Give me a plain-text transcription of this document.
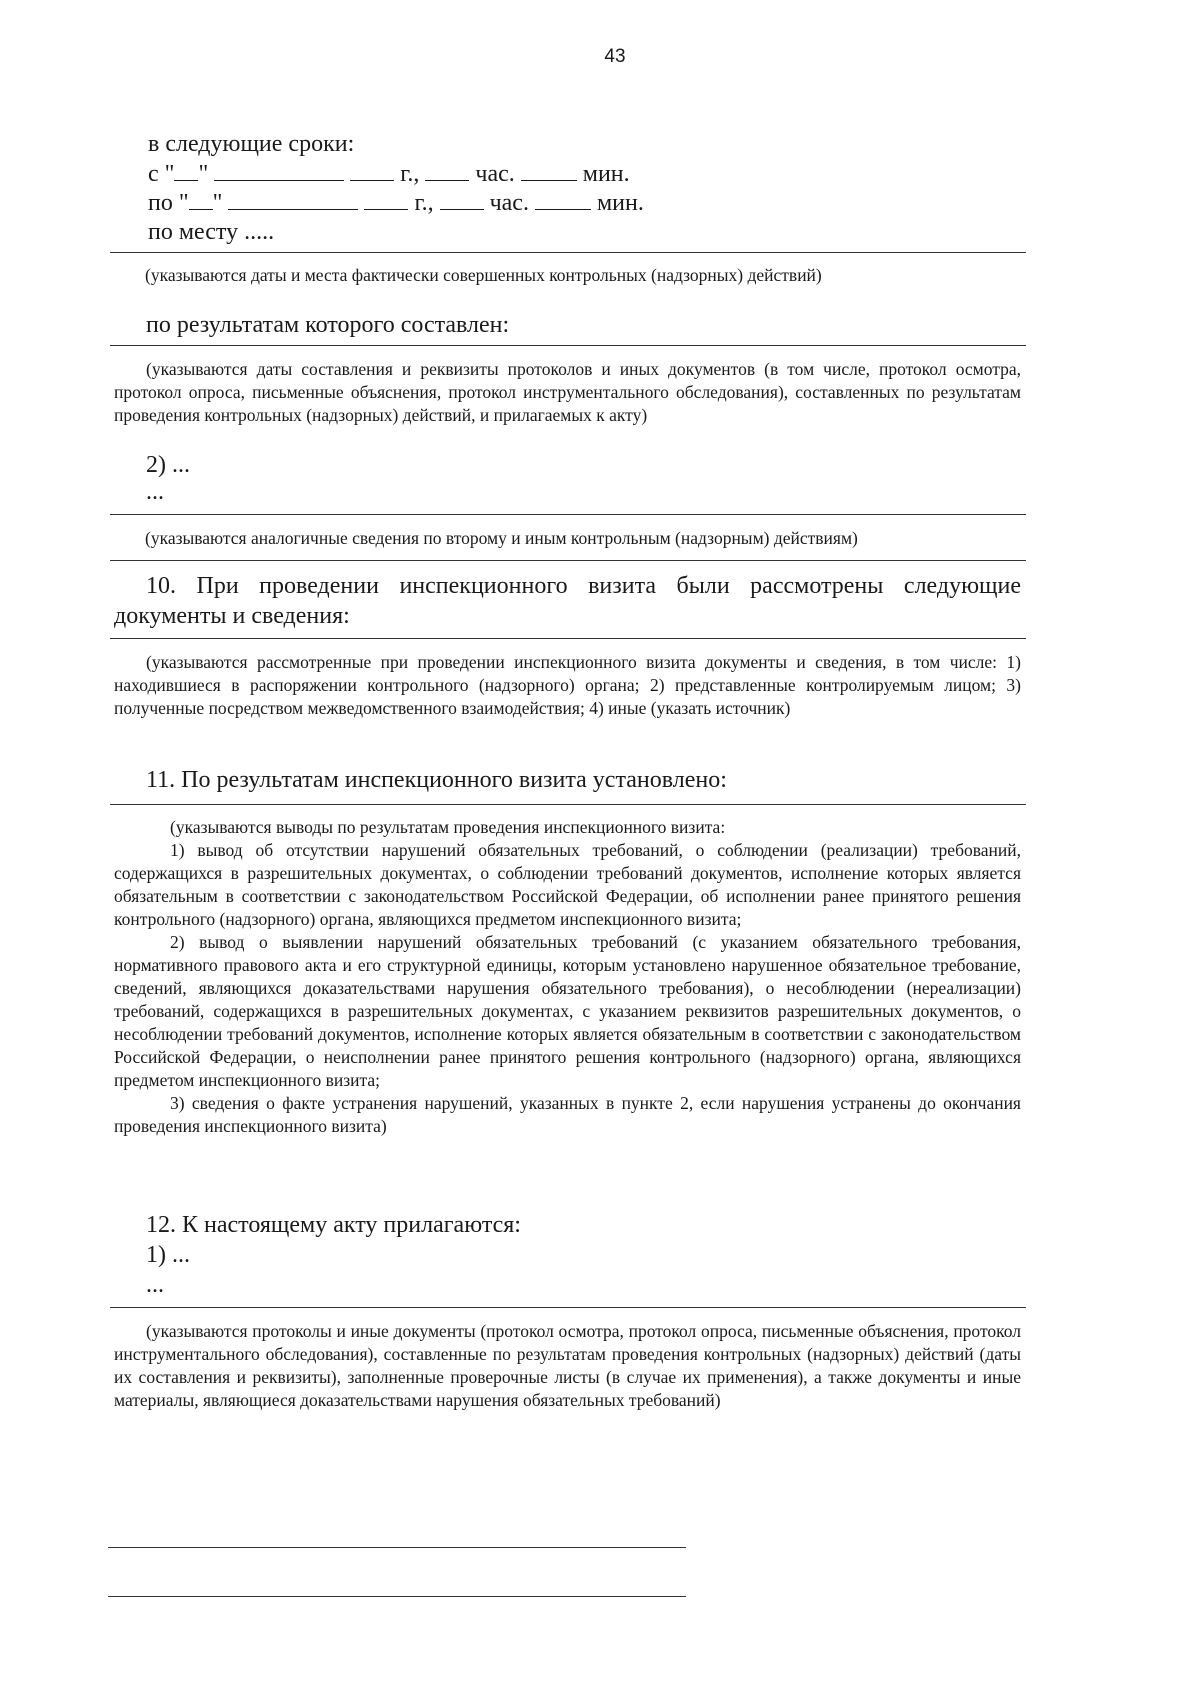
43
в следующие сроки:
с " "	г., час.	мин.
по " "	г., час.	мин.
по месту .....
(указываются даты и места фактически совершенных контрольных (надзорных) действий)
по результатам которого составлен:
(указываются даты составления и реквизиты протоколов и иных документов (в том числе, протокол осмотра, протокол опроса, письменные объяснения, протокол инструментального обследования), составленных по результатам проведения контрольных (надзорных) действий, и прилагаемых к акту)
2) ...
...
(указываются аналогичные сведения по второму и иным контрольным (надзорным) действиям)
10. При проведении инспекционного визита были рассмотрены следующие документы и сведения:
(указываются рассмотренные при проведении инспекционного визита документы и сведения, в том числе: 1) находившиеся в распоряжении контрольного (надзорного) органа; 2) представленные контролируемым лицом; 3) полученные посредством межведомственного взаимодействия; 4) иные (указать источник)
11. По результатам инспекционного визита установлено:

(указываются выводы по результатам проведения инспекционного визита:

1) вывод об отсутствии нарушений обязательных требований, о соблюдении (реализации) требований, содержащихся в разрешительных документах, о соблюдении требований документов, исполнение которых является обязательным в соответствии с законодательством Российской Федерации, об исполнении ранее принятого решения контрольного (надзорного) органа, являющихся предметом инспекционного визита;

2) вывод о выявлении нарушений обязательных требований (с указанием обязательного требования, нормативного правового акта и его структурной единицы, которым установлено нарушенное обязательное требование, сведений, являющихся доказательствами нарушения обязательного требования), о несоблюдении (нереализации) требований, содержащихся в разрешительных документах, с указанием реквизитов разрешительных документов, о несоблюдении требований документов, исполнение которых является обязательным в соответствии с законодательством Российской Федерации, о неисполнении ранее принятого решения контрольного (надзорного) органа, являющихся предметом инспекционного визита;

3) сведения о факте устранения нарушений, указанных в пункте 2, если нарушения устранены до окончания проведения инспекционного визита)

12. К настоящему акту прилагаются:
1) ...
...
(указываются протоколы и иные документы (протокол осмотра, протокол опроса, письменные объяснения, протокол инструментального обследования), составленные по результатам проведения контрольных (надзорных) действий (даты их составления и реквизиты), заполненные проверочные листы (в случае их применения), а также документы и иные материалы, являющиеся доказательствами нарушения обязательных требований)
